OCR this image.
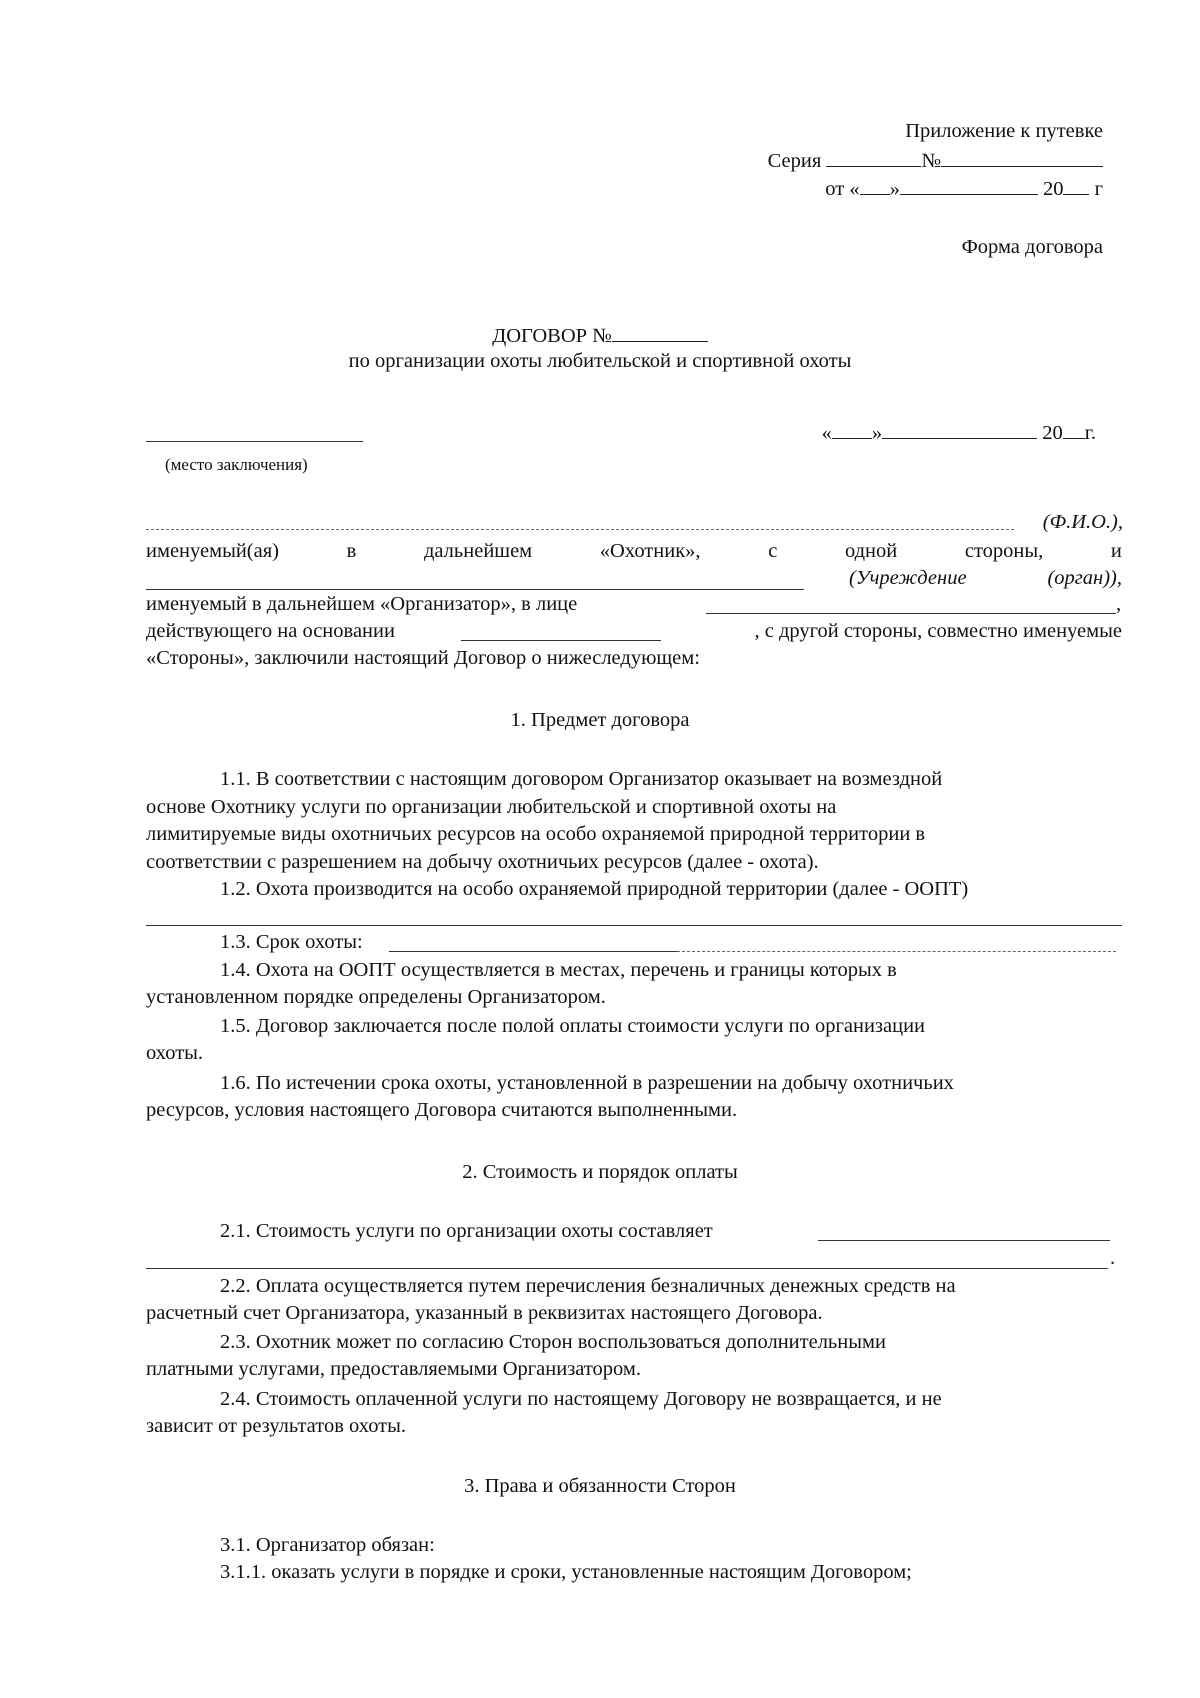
Приложение к путевке
Серия	№
от « »	20 г
Форма договора
ДОГОВОР №
по организации охоты любительской и спортивной охоты
(место заключения)
« »	20 г.
(Ф.И.О.),
именуемый(ая)	в	дальнейшем	«Охотник»,	с	одной	стороны,	и
(Учреждение	(орган)),
именуемый в дальнейшем «Организатор», в лице	,
действующего на основании	, с другой стороны, совместно именуемые
«Стороны», заключили настоящий Договор о нижеследующем:
1. Предмет договора
1.1. В соответствии с настоящим договором Организатор оказывает на возмездной
основе Охотнику услуги по организации любительской и спортивной охоты на
лимитируемые виды охотничьих ресурсов на особо охраняемой природной территории в
соответствии с разрешением на добычу охотничьих ресурсов (далее - охота).
1.2. Охота производится на особо охраняемой природной территории (далее - ООПТ)
1.3. Срок охоты:
1.4. Охота на ООПТ осуществляется в местах, перечень и границы которых в
установленном порядке определены Организатором.
1.5. Договор заключается после полой оплаты стоимости услуги по организации
охоты.
1.6. По истечении срока охоты, установленной в разрешении на добычу охотничьих
ресурсов, условия настоящего Договора считаются выполненными.
2. Стоимость и порядок оплаты
2.1. Стоимость услуги по организации охоты составляет
.
2.2. Оплата осуществляется путем перечисления безналичных денежных средств на
расчетный счет Организатора, указанный в реквизитах настоящего Договора.
2.3. Охотник может по согласию Сторон воспользоваться дополнительными
платными услугами, предоставляемыми Организатором.
2.4. Стоимость оплаченной услуги по настоящему Договору не возвращается, и не
зависит от результатов охоты.
3. Права и обязанности Сторон
3.1. Организатор обязан:
3.1.1. оказать услуги в порядке и сроки, установленные настоящим Договором;
